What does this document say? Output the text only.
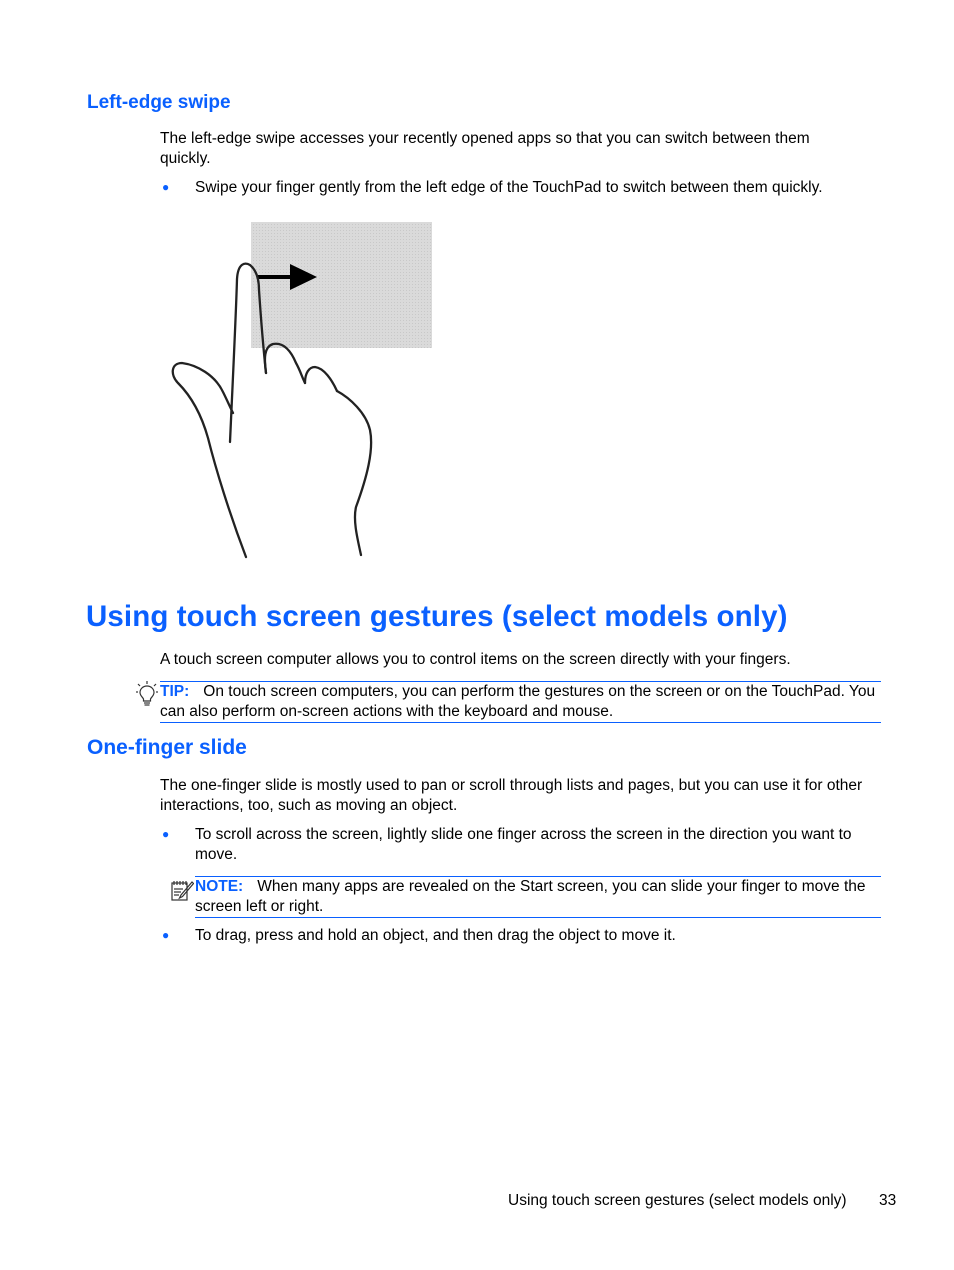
Left-edge swipe
The left-edge swipe accesses your recently opened apps so that you can switch between them quickly.
● Swipe your finger gently from the left edge of the TouchPad to switch between them quickly.
Using touch screen gestures (select models only)
A touch screen computer allows you to control items on the screen directly with your fingers.
TIP: On touch screen computers, you can perform the gestures on the screen or on the TouchPad. You can also perform on-screen actions with the keyboard and mouse.
One-finger slide
The one-finger slide is mostly used to pan or scroll through lists and pages, but you can use it for other interactions, too, such as moving an object.
● To scroll across the screen, lightly slide one finger across the screen in the direction you want to move.
NOTE: When many apps are revealed on the Start screen, you can slide your finger to move the screen left or right.
● To drag, press and hold an object, and then drag the object to move it.
Using touch screen gestures (select models only) 33
